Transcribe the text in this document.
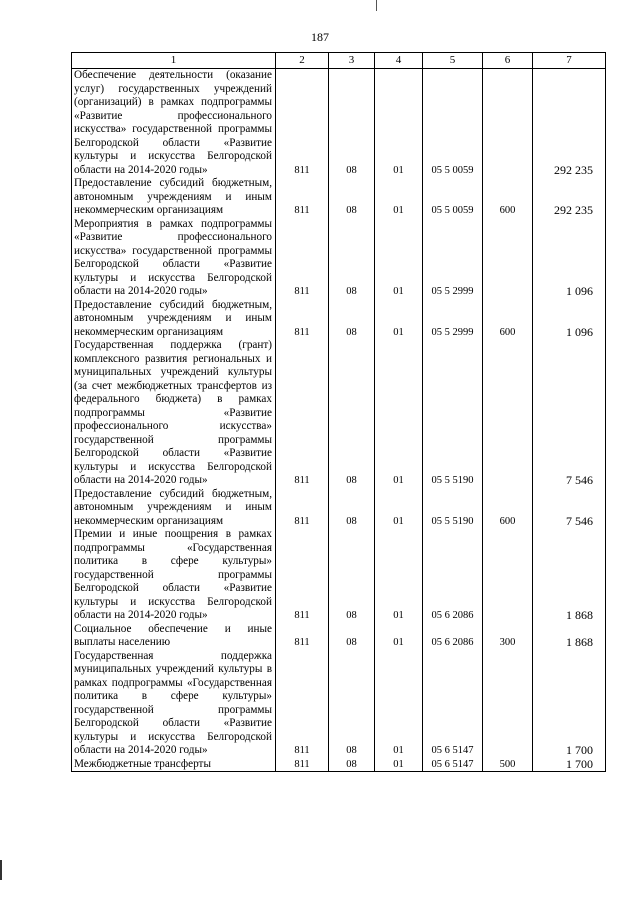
187
1	2	3	4	5	6	7
Обеспечение деятельности (оказание услуг) государственных учреждений (организаций) в рамках подпрограммы «Развитие профессионального искусства» государственной программы Белгородской области «Развитие культуры и искусства Белгородской области на 2014-2020 годы»	811	08	01	05 5 0059		292 235
Предоставление субсидий бюджетным, автономным учреждениям и иным некоммерческим организациям	811	08	01	05 5 0059	600	292 235
Мероприятия в рамках подпрограммы «Развитие профессионального искусства» государственной программы Белгородской области «Развитие культуры и искусства Белгородской области на 2014-2020 годы»	811	08	01	05 5 2999		1 096
Предоставление субсидий бюджетным, автономным учреждениям и иным некоммерческим организациям	811	08	01	05 5 2999	600	1 096
Государственная поддержка (грант) комплексного развития региональных и муниципальных учреждений культуры (за счет межбюджетных трансфертов из федерального бюджета) в рамках подпрограммы «Развитие профессионального искусства» государственной программы Белгородской области «Развитие культуры и искусства Белгородской области на 2014-2020 годы»	811	08	01	05 5 5190		7 546
Предоставление субсидий бюджетным, автономным учреждениям и иным некоммерческим организациям	811	08	01	05 5 5190	600	7 546
Премии и иные поощрения в рамках подпрограммы «Государственная политика в сфере культуры» государственной программы Белгородской области «Развитие культуры и искусства Белгородской области на 2014-2020 годы»	811	08	01	05 6 2086		1 868
Социальное обеспечение и иные выплаты населению	811	08	01	05 6 2086	300	1 868
Государственная поддержка муниципальных учреждений культуры в рамках подпрограммы «Государственная политика в сфере культуры» государственной программы Белгородской области «Развитие культуры и искусства Белгородской области на 2014-2020 годы»	811	08	01	05 6 5147		1 700
Межбюджетные трансферты	811	08	01	05 6 5147	500	1 700
